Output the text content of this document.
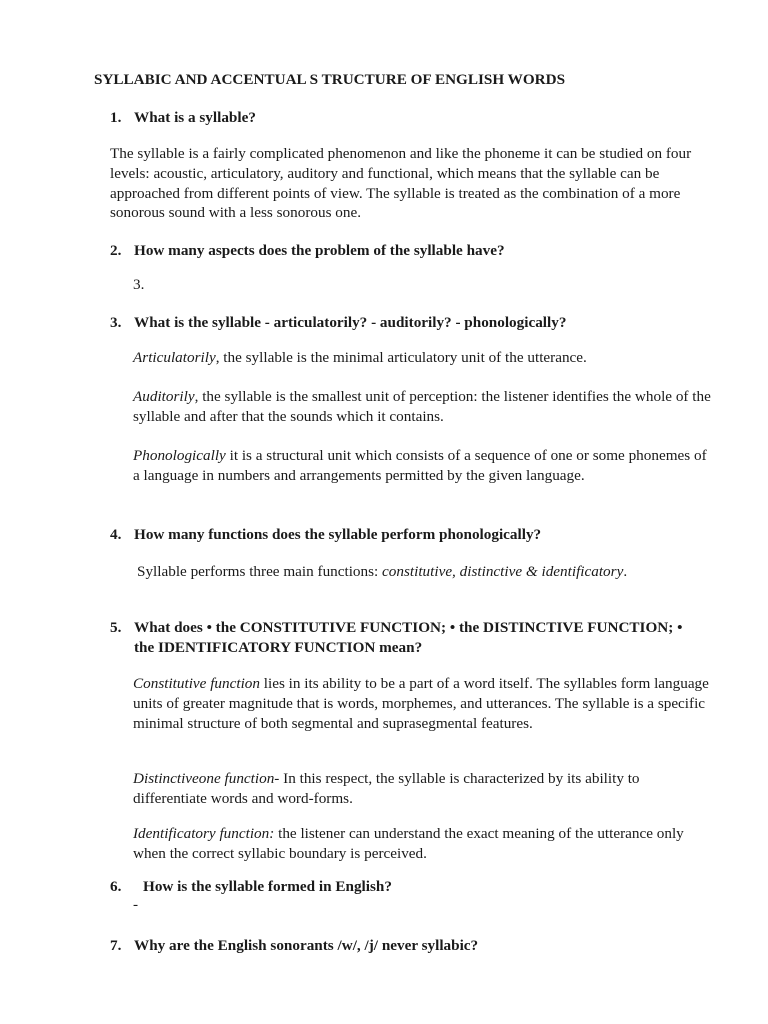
SYLLABIC AND ACCENTUAL S TRUCTURE OF ENGLISH WORDS
1. What is a syllable?
The syllable is a fairly complicated phenomenon and like the phoneme it can be studied on four levels: acoustic, articulatory, auditory and functional, which means that the syllable can be approached from different points of view. The syllable is treated as the combination of a more sonorous sound with a less sonorous one.
2. How many aspects does the problem of the syllable have?
3.
3. What is the syllable - articulatorily? - auditorily? - phonologically?
Articulatorily, the syllable is the minimal articulatory unit of the utterance.
Auditorily, the syllable is the smallest unit of perception: the listener identifies the whole of the syllable and after that the sounds which it contains.
Phonologically it is a structural unit which consists of a sequence of one or some phonemes of a language in numbers and arrangements permitted by the given language.
4. How many functions does the syllable perform phonologically?
Syllable performs three main functions: constitutive, distinctive & identificatory.
5. What does • the CONSTITUTIVE FUNCTION; • the DISTINCTIVE FUNCTION; • the IDENTIFICATORY FUNCTION mean?
Constitutive function lies in its ability to be a part of a word itself. The syllables form language units of greater magnitude that is words, morphemes, and utterances. The syllable is a specific minimal structure of both segmental and suprasegmental features.
Distinctiveone function- In this respect, the syllable is characterized by its ability to differentiate words and word-forms.
Identificatory function: the listener can understand the exact meaning of the utterance only when the correct syllabic boundary is perceived.
6. How is the syllable formed in English?
-
7. Why are the English sonorants /w/, /j/ never syllabic?
